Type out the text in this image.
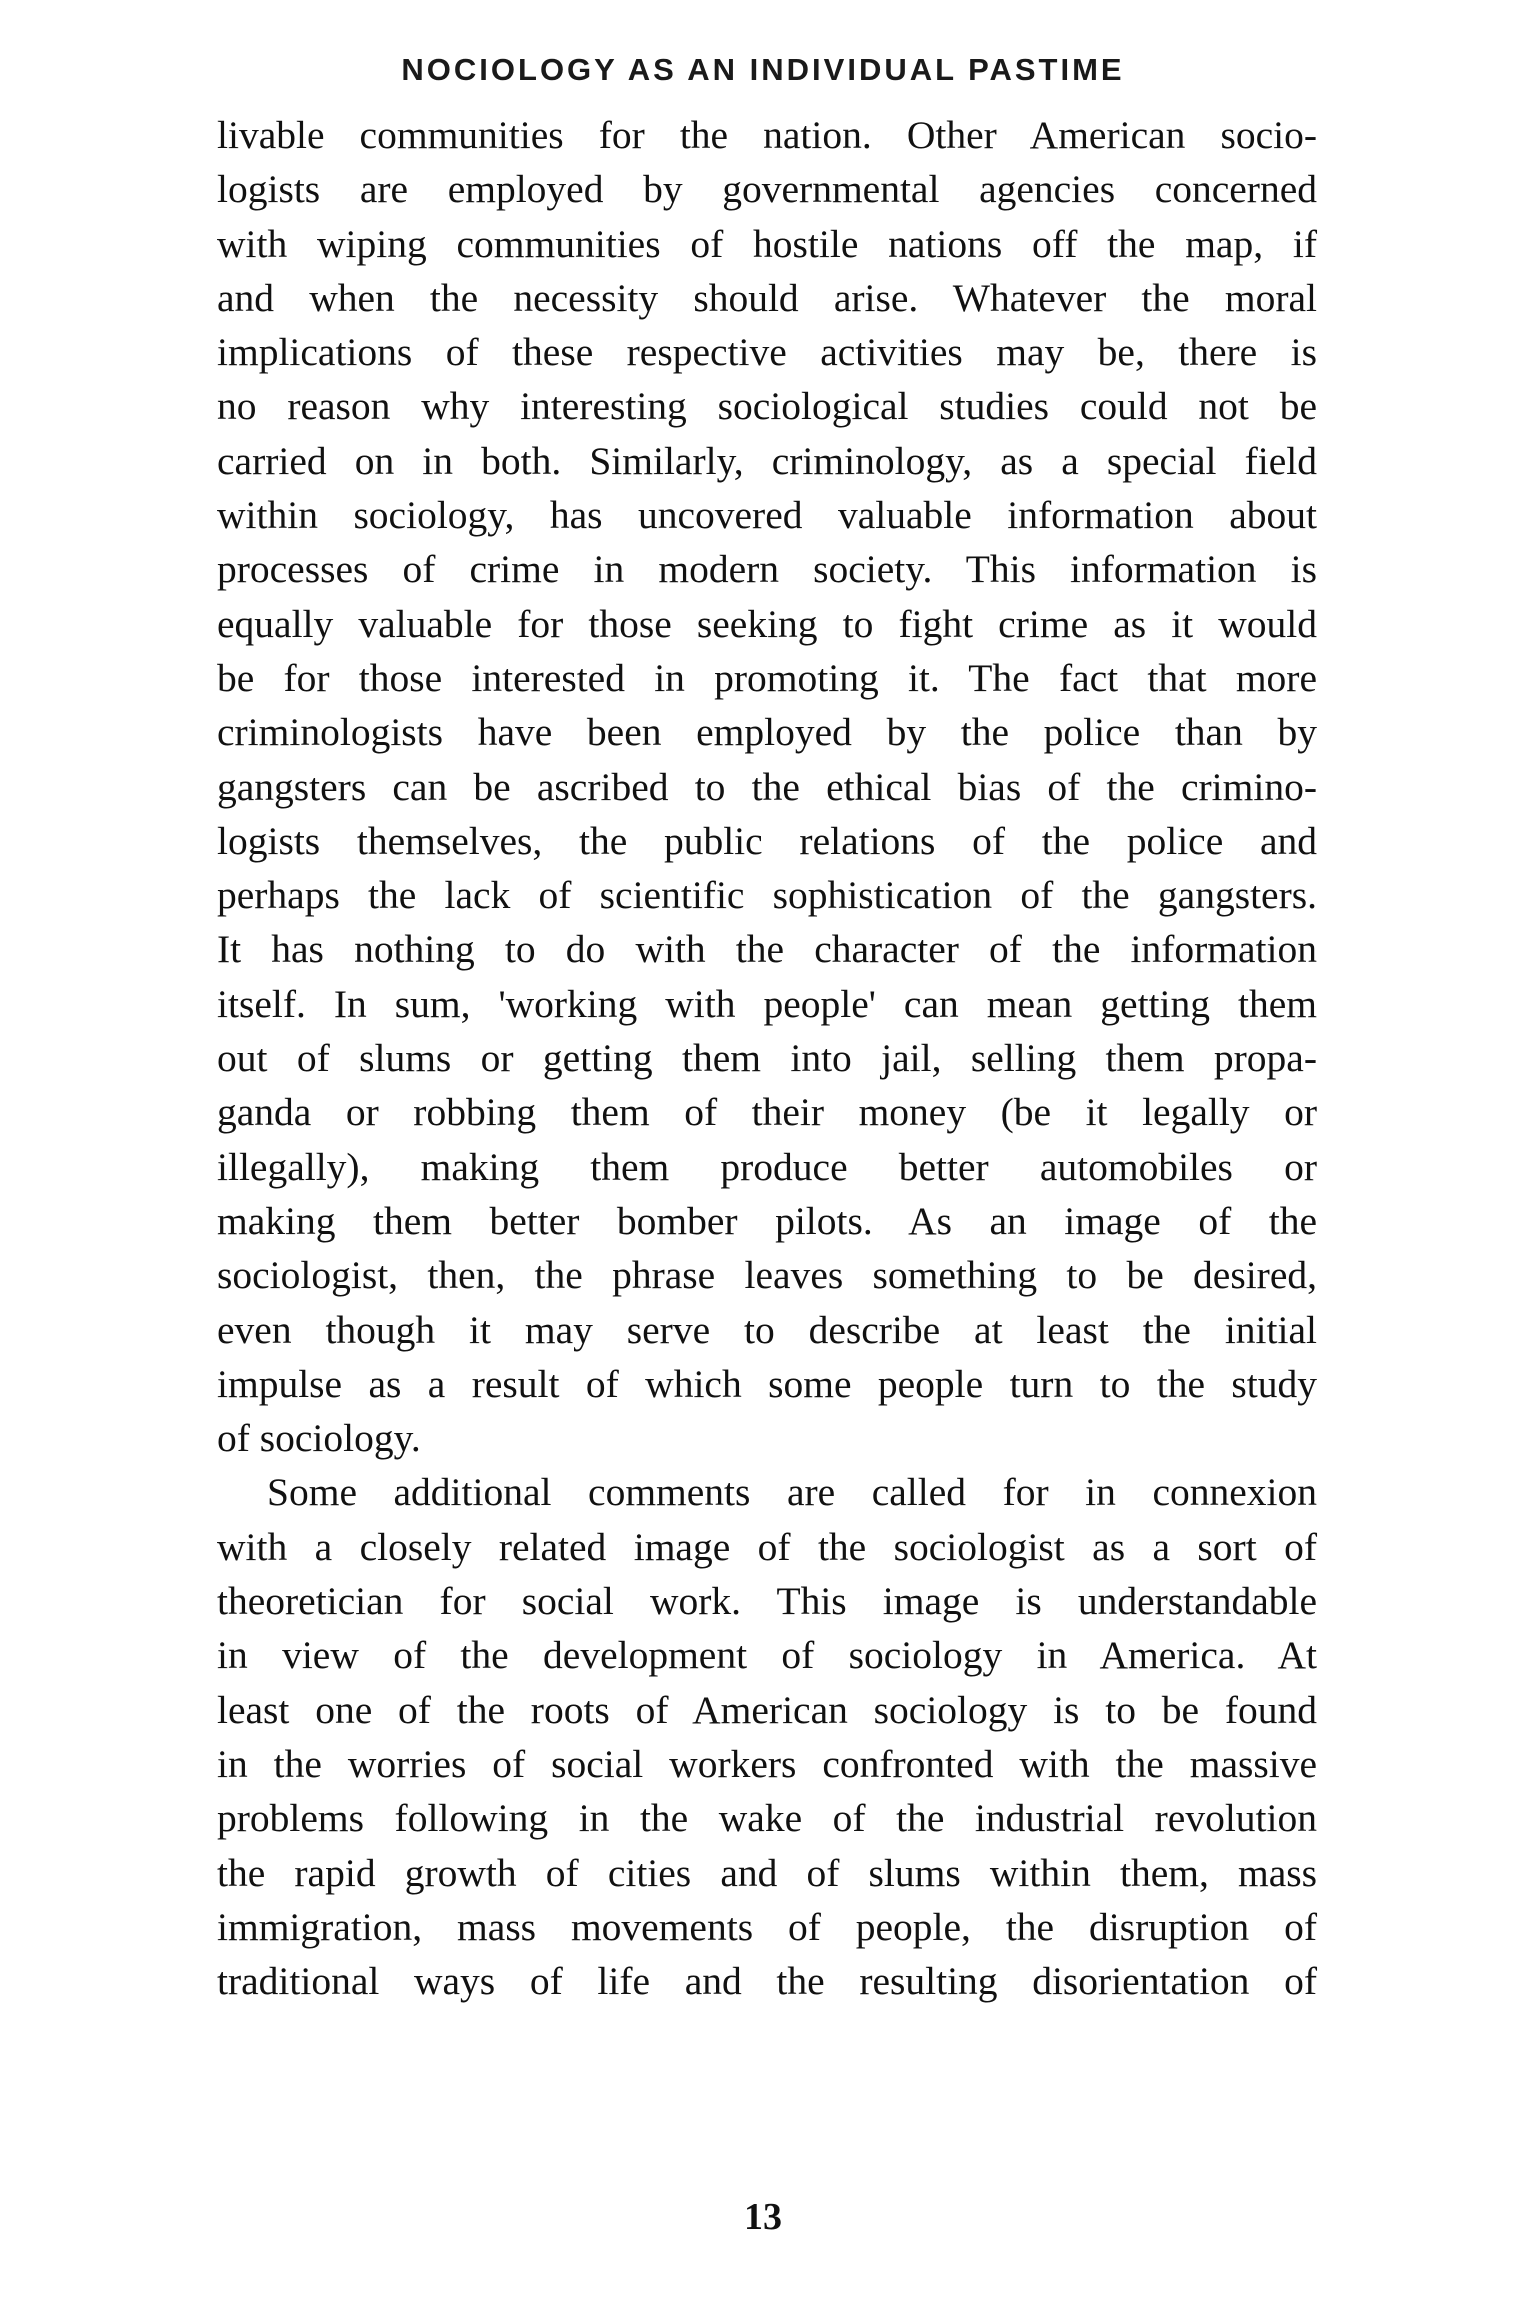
NOCIOLOGY AS AN INDIVIDUAL PASTIME

livable communities for the nation. Other American socio-
logists are employed by governmental agencies concerned
with wiping communities of hostile nations off the map, if
and when the necessity should arise. Whatever the moral
implications of these respective activities may be, there is
no reason why interesting sociological studies could not be
carried on in both. Similarly, criminology, as a special field
within sociology, has uncovered valuable information about
processes of crime in modern society. This information is
equally valuable for those seeking to fight crime as it would
be for those interested in promoting it. The fact that more
criminologists have been employed by the police than by
gangsters can be ascribed to the ethical bias of the crimino-
logists themselves, the public relations of the police and
perhaps the lack of scientific sophistication of the gangsters.
It has nothing to do with the character of the information
itself. In sum, 'working with people' can mean getting them
out of slums or getting them into jail, selling them propa-
ganda or robbing them of their money (be it legally or
illegally), making them produce better automobiles or
making them better bomber pilots. As an image of the
sociologist, then, the phrase leaves something to be desired,
even though it may serve to describe at least the initial
impulse as a result of which some people turn to the study
of sociology.
Some additional comments are called for in connexion
with a closely related image of the sociologist as a sort of
theoretician for social work. This image is understandable
in view of the development of sociology in America. At
least one of the roots of American sociology is to be found
in the worries of social workers confronted with the massive
problems following in the wake of the industrial revolution
the rapid growth of cities and of slums within them, mass
immigration, mass movements of people, the disruption of
traditional ways of life and the resulting disorientation of

13
